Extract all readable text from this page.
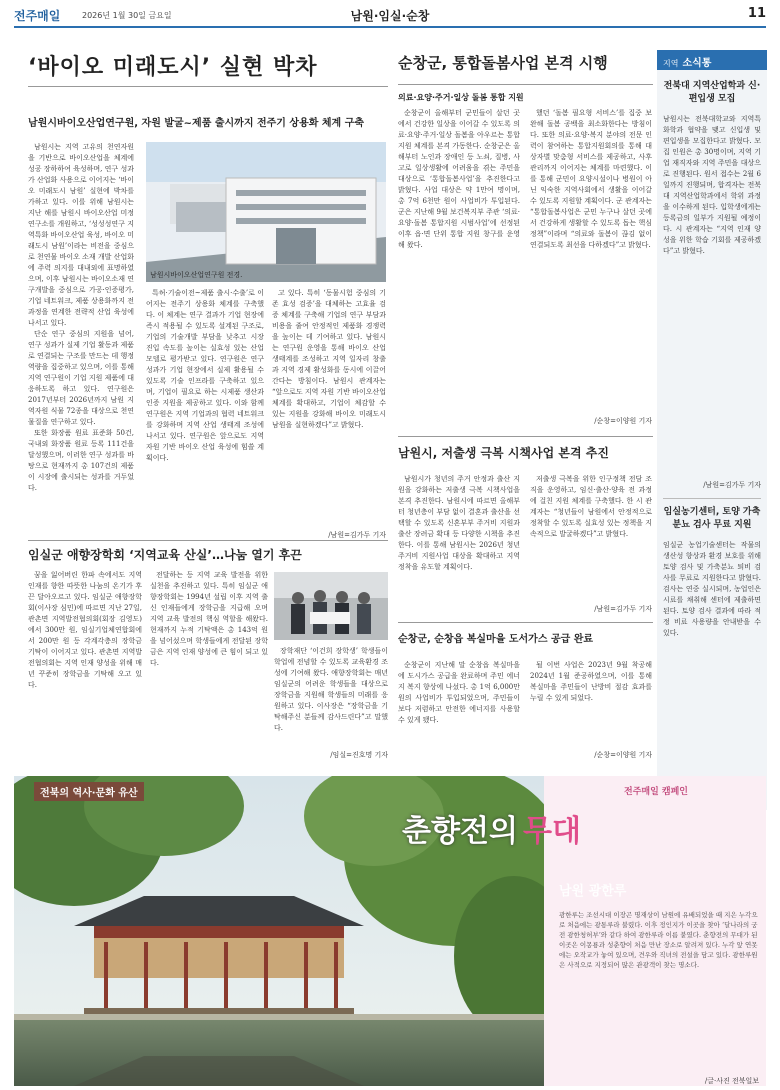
전주매일	2026년 1월 30일 금요일	남원·임실·순창	11
‘바이오 미래도시’ 실현 박차
남원시바이오산업연구원, 자원 발굴~제품 출시까지 전주기 상용화 체계 구축

남원시는 지역 고유의 천연자원을 기반으로 바이오산업을 체계에 성공 장하하여 육성하며, 연구 성과가 산업화 사용으로 이어지는 ‘바이오 미래도시 남원’ 실현에 박차를 가하고 있다. 이를 위해 남원시는 지난 해를 남원시 바이오산업 미정연구소를 개원하고, ‘성성성연구 지역특화 바이오산업 육성, 바이오 미래도시 남원’이라는 비전을 중심으로 천연물 바이오 소재 개발 산업화에 주력 의지를 대내외에 표명하였으며, 이후 남원시는 바이오소재 연구개발을 중심으로 가공·인증평가, 기업 네트워크, 제품 상용화까지 전 과정을 연계한 전략적 산업 육성에 나서고 있다.

단순 연구 중심의 지원을 넘어, 연구 성과가 실제 기업 활동과 제품로 연결되는 구조를 만드는 데 행정 역량을 집중하고 있으며, 이를 통해 지역 연구원이 기업 지원 제품에 대응하도록 하고 있다. 연구원은 2017년부터 2026년까지 남원 지역자원 식물 72종을 대상으로 천연 물질을 연구하고 있다.

또한 화장품 원료 표준화 50건, 국내외 화장품 원료 등록 111건을 달성했으며, 이러한 연구 성과를 바탕으로 현재까지 총 107건의 제품이 시장에 출시되는 성과를 거두었다.

남원시바이오산업연구원 전경.

특허·기술이전~제품 출시·수출’로 이어지는 전주기 상용화 체계를 구축했다. 이 체계는 연구 결과가 기업 현장에 즉시 적용될 수 있도록 설계된 구조로, 기업의 기술개발 부담을 낮추고 시장 진입 속도를 높이는 실효성 있는 산업 모델로 평가받고 있다. 연구원은 연구 성과가 기업 현장에서 실제 활용될 수 있도록 기술 인프라를 구축하고 있으며, 기업이 필요로 하는 시제품 생산과 인증 지원을 제공하고 있다. 이와 함께 연구원은 지역 기업과의 협력 네트워크를 강화하며 지역 산업 생태계 조성에 나서고 있다. 연구원은 앞으로도 지역 자원 기반 바이오 산업 육성에 힘쓸 계획이다.

고 있다. 특히 ‘동물시험 중심의 기존 효성 검증’을 대체하는 고효율 검증 체계를 구축해 기업의 연구 부담과 비용을 줄여 안정적인 제품화 경쟁력을 높이는 데 기여하고 있다. 남원시는 연구원 운영을 통해 바이오 산업 생태계를 조성하고 지역 일자리 창출과 지역 경제 활성화를 동시에 이끌어 간다는 방침이다. 남원시 관계자는 “앞으로도 지역 자원 기반 바이오산업 체계를 확대하고, 기업이 체감할 수 있는 지원을 강화해 바이오 미래도시 남원을 실현하겠다”고 밝혔다.

/남원=김가두 기자
임실군 애향장학회 ‘지역교육 산실’…나눔 열기 후끈

꿈을 잃어버린 한파 속에서도 지역 인재를 향한 따뜻한 나눔의 온기가 후끈 달아오르고 있다. 임실군 애향장학회(이사장 심민)에 따르면 지난 27일, 관촌면 지역발전협의회(회장 김영도)에서 300만 원, 임실기업체연합회에서 200만 원 등 각계각층의 장학금 기탁이 이어지고 있다. 관촌면 지역발전협의회는 지역 인재 양성을 위해 매년 꾸준히 장학금을 기탁해 오고 있다.

전달하는 등 지역 교육 발전을 위한 실천을 추진하고 있다. 특히 임실군 애향장학회는 1994년 설립 이후 지역 출신 인재들에게 장학금을 지급해 오며 지역 교육 발전의 핵심 역할을 해왔다. 현재까지 누적 기탁액은 총 143억 원을 넘어섰으며 학생들에게 전달된 장학금은 지역 인재 양성에 큰 힘이 되고 있다.

장학재단 ‘이건희 장학생’ 학생들이 학업에 전념할 수 있도록 교육환경 조성에 기여해 왔다. 애향장학회는 매년 임실군의 어려운 학생들을 대상으로 장학금을 지원해 학생들의 미래를 응원하고 있다. 이사장은 “장학금을 기탁해주신 분들께 감사드린다”고 말했다.

/임실=진호명 기자
순창군, 통합돌봄사업 본격 시행
의료·요양·주거·일상 돌봄 통합 지원

순창군이 올해부터 군민들이 살던 곳에서 건강한 일상을 이어갈 수 있도록 의료·요양·주거·일상 돌봄을 아우르는 통합 지원 체계를 본격 가동한다. 순창군은 올해부터 노인과 장애인 등 노쇠, 질병, 사고로 일상생활에 어려움을 겪는 주민을 대상으로 ‘통합돌봄사업’을 추진한다고 밝혔다. 사업 대상은 약 1만여 명이며, 총 7억 6천만 원이 사업비가 투입된다. 군은 지난해 9월 보건복지부 주관 ‘의료·요양·돌봄 통합지원 시범사업’에 선정된 이후 읍·면 단위 통합 지원 창구를 운영해 왔다.

했던 ‘돌봄 필요형 서비스’를 집중 보완해 돌봄 공백을 최소화한다는 방침이다. 또한 의료·요양·복지 분야의 전문 인력이 참여하는 통합지원회의를 통해 대상자별 맞춤형 서비스를 제공하고, 사후 관리까지 이어지는 체계를 마련했다. 이를 통해 군민이 요양시설이나 병원이 아닌 익숙한 지역사회에서 생활을 이어갈 수 있도록 지원할 계획이다. 군 관계자는 “통합돌봄사업은 군민 누구나 살던 곳에서 건강하게 생활할 수 있도록 돕는 핵심 정책”이라며 “의료와 돌봄이 끊김 없이 연결되도록 최선을 다하겠다”고 밝혔다.

/순창=이양원 기자
남원시, 저출생 극복 시책사업 본격 추진

남원시가 청년의 주거 안정과 출산 지원을 강화하는 저출생 극복 시책사업을 본격 추진한다. 남원시에 따르면 올해부터 청년층이 부담 없이 결혼과 출산을 선택할 수 있도록 신혼부부 주거비 지원과 출산 장려금 확대 등 다양한 시책을 추진한다. 이를 통해 남원시는 2026년 청년 주거비 지원사업 대상을 확대하고 지역 정착을 유도할 계획이다.

저출생 극복을 위한 인구정책 전담 조직을 운영하고, 임신·출산·양육 전 과정에 걸친 지원 체계를 구축했다. 한 시 관계자는 “청년들이 남원에서 안정적으로 정착할 수 있도록 실효성 있는 정책을 지속적으로 발굴하겠다”고 밝혔다.

/남원=김가두 기자
순창군, 순창읍 복실마을 도서가스 공급 완료

순창군이 지난해 말 순창읍 복실마을에 도시가스 공급을 완료하며 주민 에너지 복지 향상에 나섰다. 총 1억 6,000만 원의 사업비가 투입되었으며, 주민들이 보다 저렴하고 안전한 에너지를 사용할 수 있게 됐다.

될 이번 사업은 2023년 9월 착공해 2024년 1월 준공하였으며, 이를 통해 복실마을 주민들이 난방비 절감 효과를 누릴 수 있게 되었다.

/순창=이양원 기자
지역 소식통
전북대 지역산업학과 신·편입생 모집
남원시는 전북대학교와 지역특화학과 협약을 맺고 신입생 및 편입생을 모집한다고 밝혔다. 모집 인원은 총 30명이며, 지역 기업 재직자와 지역 주민을 대상으로 진행된다. 원서 접수는 2월 6일까지 진행되며, 합격자는 전북대 지역산업학과에서 학위 과정을 이수하게 된다. 입학생에게는 등록금의 일부가 지원될 예정이다. 시 관계자는 “지역 인재 양성을 위한 학습 기회를 제공하겠다”고 밝혔다.
/남원=김가두 기자
임실농기센터, 토양 가축분뇨 검사 무료 지원
임실군 농업기술센터는 작물의 생산성 향상과 환경 보호를 위해 토양 검사 및 가축분뇨 퇴비 검사를 무료로 지원한다고 밝혔다. 검사는 연중 실시되며, 농업인은 시료를 채취해 센터에 제출하면 된다. 토양 검사 결과에 따라 적정 비료 사용량을 안내받을 수 있다.
전북의 역사·문화 유산	전주매일 캠페인
춘향전의 무대
남원 광한루
광한루는 조선시대 이장곤 명재상이 남원에 유배되었을 때 지은 누각으로 처음에는 광통루라 불렸다. 이후 정인지가 이곳을 찾아 ‘달나라의 궁전 광한청허부’와 같다 하여 광한루라 이름 붙였다. 춘향전의 무대가 된 이곳은 이몽룡과 성춘향이 처음 만난 장소로 알려져 있다. 누각 앞 연못에는 오작교가 놓여 있으며, 견우와 직녀의 전설을 담고 있다. 광한루원은 사적으로 지정되어 많은 관광객이 찾는 명소다.
/글·사진 전북일보
